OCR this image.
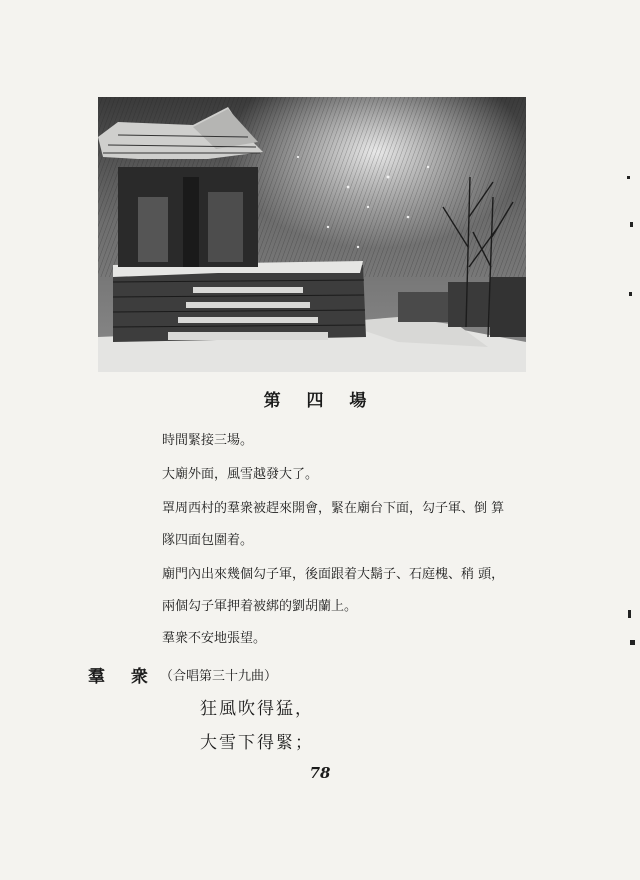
第 四 場
時間緊接三場。
大廟外面，風雪越發大了。
罩周西村的羣衆被趕來開會，緊在廟台下面，勾子軍、倒 算
隊四面包圍着。
廟門內出來幾個勾子軍，後面跟着大鬍子、石庭槐、稍 頭，
兩個勾子軍押着被綁的劉胡蘭上。
羣衆不安地張望。
羣 衆 （合唱第三十九曲）
狂風吹得猛，
大雪下得緊；
78
